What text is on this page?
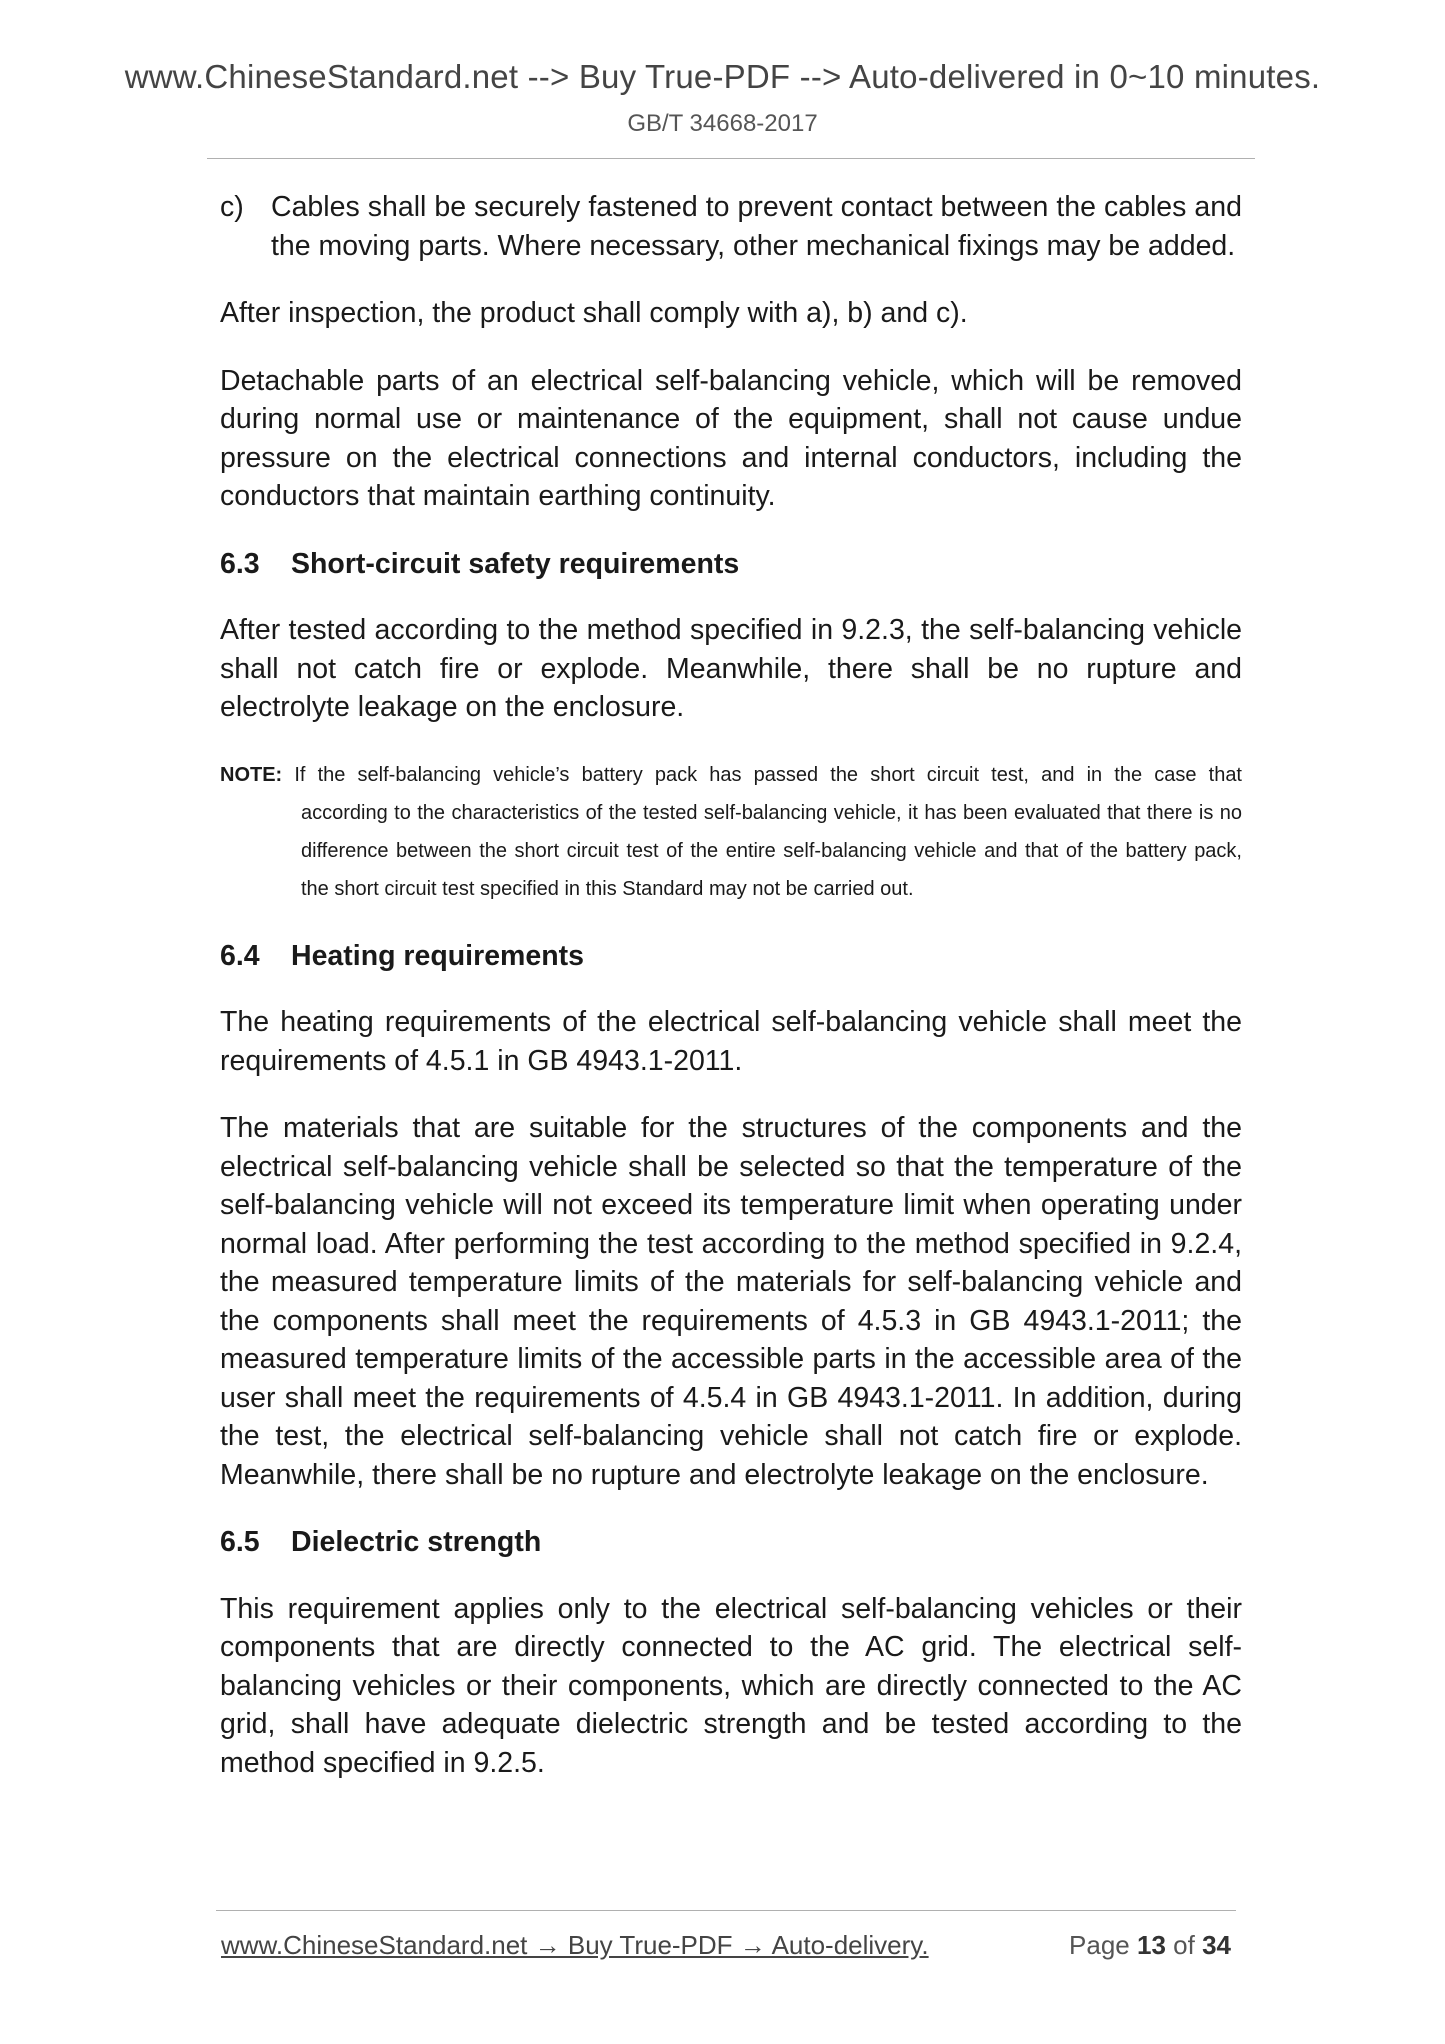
www.ChineseStandard.net --> Buy True-PDF --> Auto-delivered in 0~10 minutes.
GB/T 34668-2017
c) Cables shall be securely fastened to prevent contact between the cables and the moving parts. Where necessary, other mechanical fixings may be added.

After inspection, the product shall comply with a), b) and c).

Detachable parts of an electrical self-balancing vehicle, which will be removed during normal use or maintenance of the equipment, shall not cause undue pressure on the electrical connections and internal conductors, including the conductors that maintain earthing continuity.

6.3	Short-circuit safety requirements

After tested according to the method specified in 9.2.3, the self-balancing vehicle shall not catch fire or explode. Meanwhile, there shall be no rupture and electrolyte leakage on the enclosure.

NOTE: If the self-balancing vehicle’s battery pack has passed the short circuit test, and in the case that
according to the characteristics of the tested self-balancing vehicle, it has been evaluated that there is no difference between the short circuit test of the entire self-balancing vehicle and that of the battery pack, the short circuit test specified in this Standard may not be carried out.
6.4	Heating requirements

The heating requirements of the electrical self-balancing vehicle shall meet the requirements of 4.5.1 in GB 4943.1-2011.

The materials that are suitable for the structures of the components and the electrical self-balancing vehicle shall be selected so that the temperature of the self-balancing vehicle will not exceed its temperature limit when operating under normal load. After performing the test according to the method specified in 9.2.4, the measured temperature limits of the materials for self-balancing vehicle and the components shall meet the requirements of 4.5.3 in GB 4943.1-2011; the measured temperature limits of the accessible parts in the accessible area of the user shall meet the requirements of 4.5.4 in GB 4943.1-2011. In addition, during the test, the electrical self-balancing vehicle shall not catch fire or explode. Meanwhile, there shall be no rupture and electrolyte leakage on the enclosure.

6.5	Dielectric strength

This requirement applies only to the electrical self-balancing vehicles or their components that are directly connected to the AC grid. The electrical self-balancing vehicles or their components, which are directly connected to the AC grid, shall have adequate dielectric strength and be tested according to the method specified in 9.2.5.

www.ChineseStandard.net → Buy True-PDF → Auto-delivery.	Page 13 of 34
